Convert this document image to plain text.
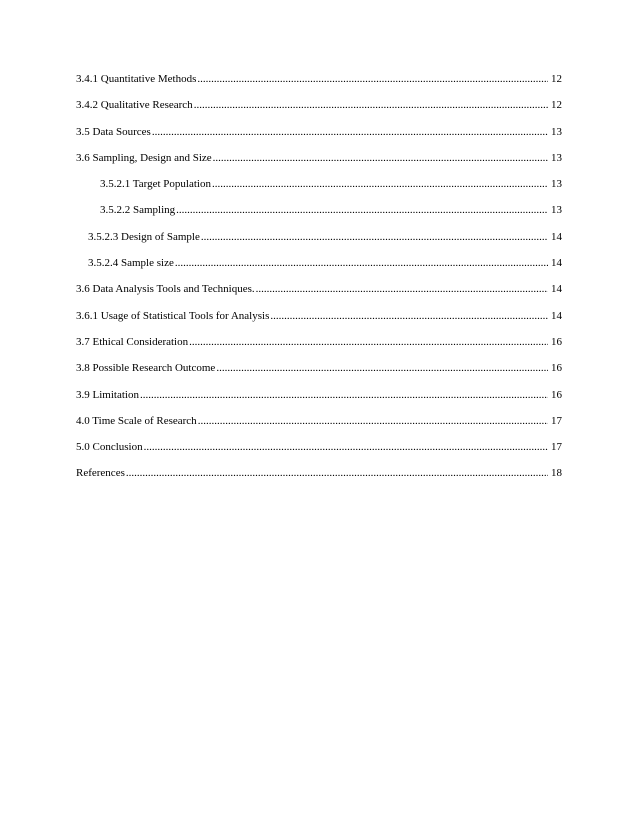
3.4.1 Quantitative Methods .....	12
3.4.2 Qualitative Research .....	12
3.5 Data Sources .....	13
3.6 Sampling, Design and Size .....	13
3.5.2.1 Target Population .....	13
3.5.2.2 Sampling .....	13
3.5.2.3 Design of Sample .....	14
3.5.2.4 Sample size .....	14
3.6 Data Analysis Tools and Techniques. .....	14
3.6.1 Usage of Statistical Tools for Analysis .....	14
3.7 Ethical Consideration .....	16
3.8 Possible Research Outcome .....	16
3.9 Limitation .....	16
4.0 Time Scale of Research .....	17
5.0 Conclusion .....	17
References .....	18
